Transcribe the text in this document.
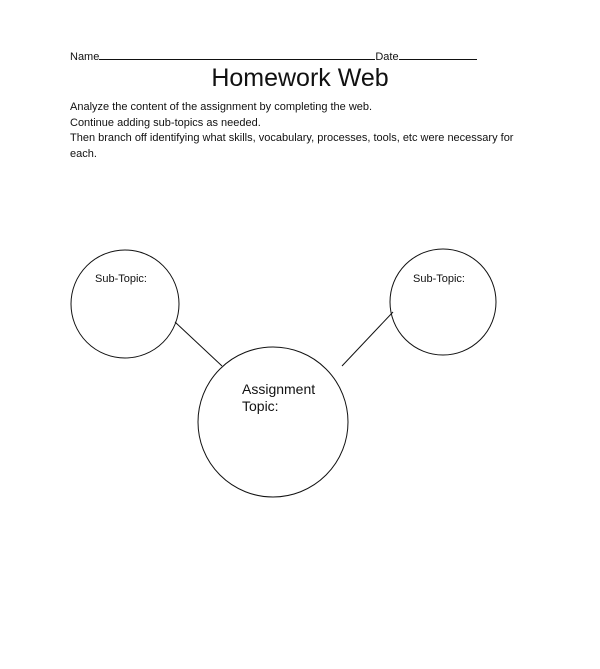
Name	Date
Homework Web
Analyze the content of the assignment by completing the web.
Continue adding sub-topics as needed.
Then branch off identifying what skills, vocabulary, processes, tools, etc were necessary for each.
Sub-Topic:	Sub-Topic:
Assignment Topic:
